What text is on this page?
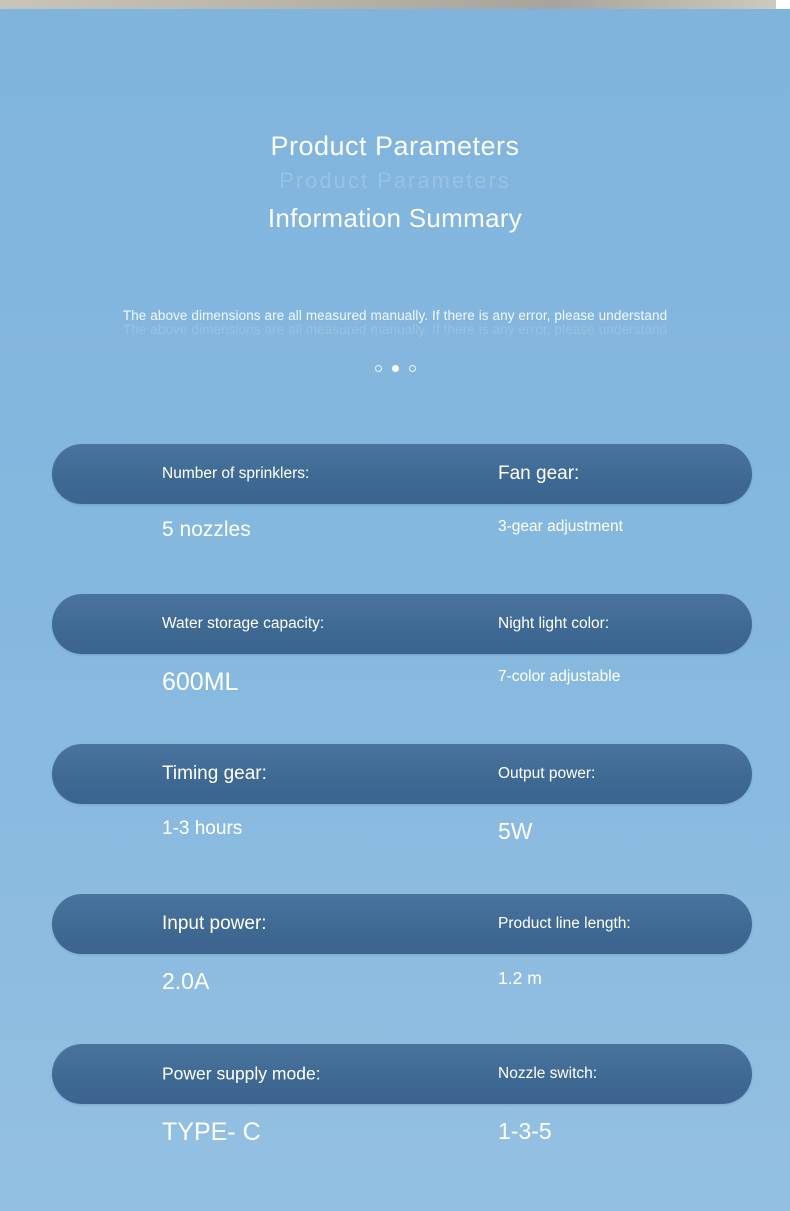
Product Parameters
Product Parameters
Information Summary
The above dimensions are all measured manually. If there is any error, please understand
The above dimensions are all measured manually. If there is any error, please understand
Number of sprinklers:	Fan gear:
5 nozzles	3-gear adjustment
Water storage capacity:	Night light color:
600ML	7-color adjustable
Timing gear:	Output power:
1-3 hours	5W
Input power:	Product line length:
2.0A	1.2 m
Power supply mode:	Nozzle switch:
TYPE- C	1-3-5
